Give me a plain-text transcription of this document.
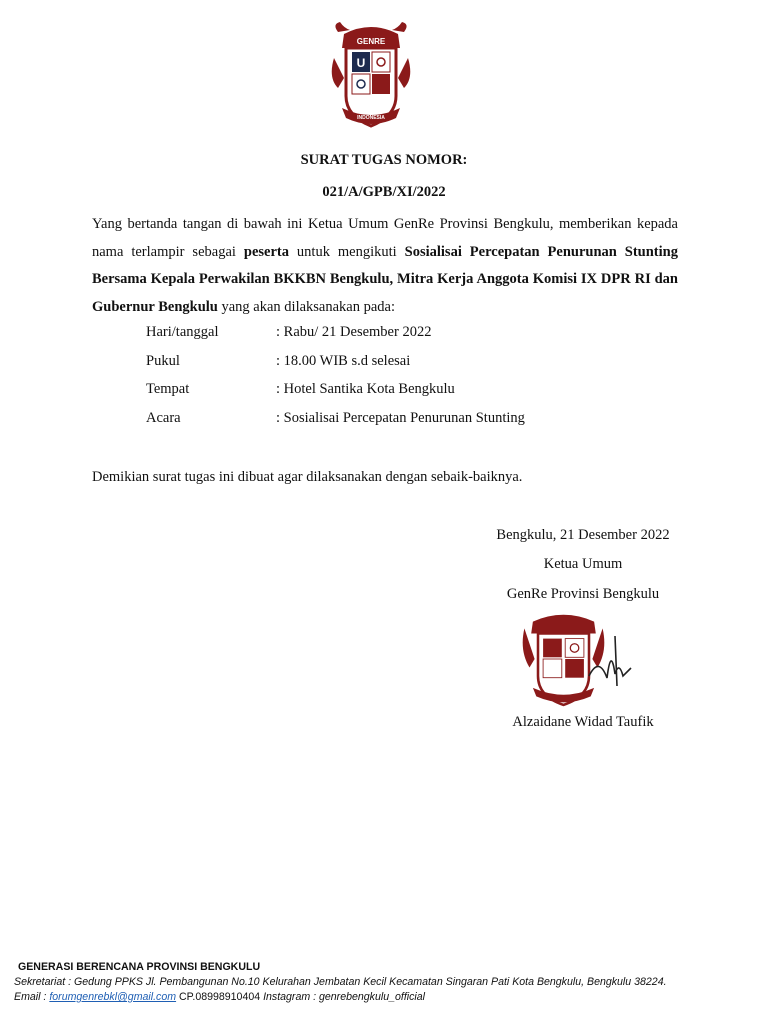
GENRE
U
INDONESIA
SURAT TUGAS NOMOR:
021/A/GPB/XI/2022
Yang bertanda tangan di bawah ini Ketua Umum GenRe Provinsi Bengkulu, memberikan kepada nama terlampir sebagai peserta untuk mengikuti Sosialisai Percepatan Penurunan Stunting Bersama Kepala Perwakilan BKKBN Bengkulu, Mitra Kerja Anggota Komisi IX DPR RI dan Gubernur Bengkulu yang akan dilaksanakan pada:
Hari/tanggal	: Rabu/ 21 Desember 2022
Pukul	: 18.00 WIB s.d selesai
Tempat	: Hotel Santika Kota Bengkulu
Acara	: Sosialisai Percepatan Penurunan Stunting
Demikian surat tugas ini dibuat agar dilaksanakan dengan sebaik-baiknya.
Bengkulu, 21 Desember 2022
Ketua Umum
GenRe Provinsi Bengkulu
Alzaidane Widad Taufik
GENERASI BERENCANA PROVINSI BENGKULU
Sekretariat : Gedung PPKS Jl. Pembangunan No.10 Kelurahan Jembatan Kecil Kecamatan Singaran Pati Kota Bengkulu, Bengkulu 38224.
Email : forumgenrebkl@gmail.com CP.08998910404 Instagram : genrebengkulu_official
